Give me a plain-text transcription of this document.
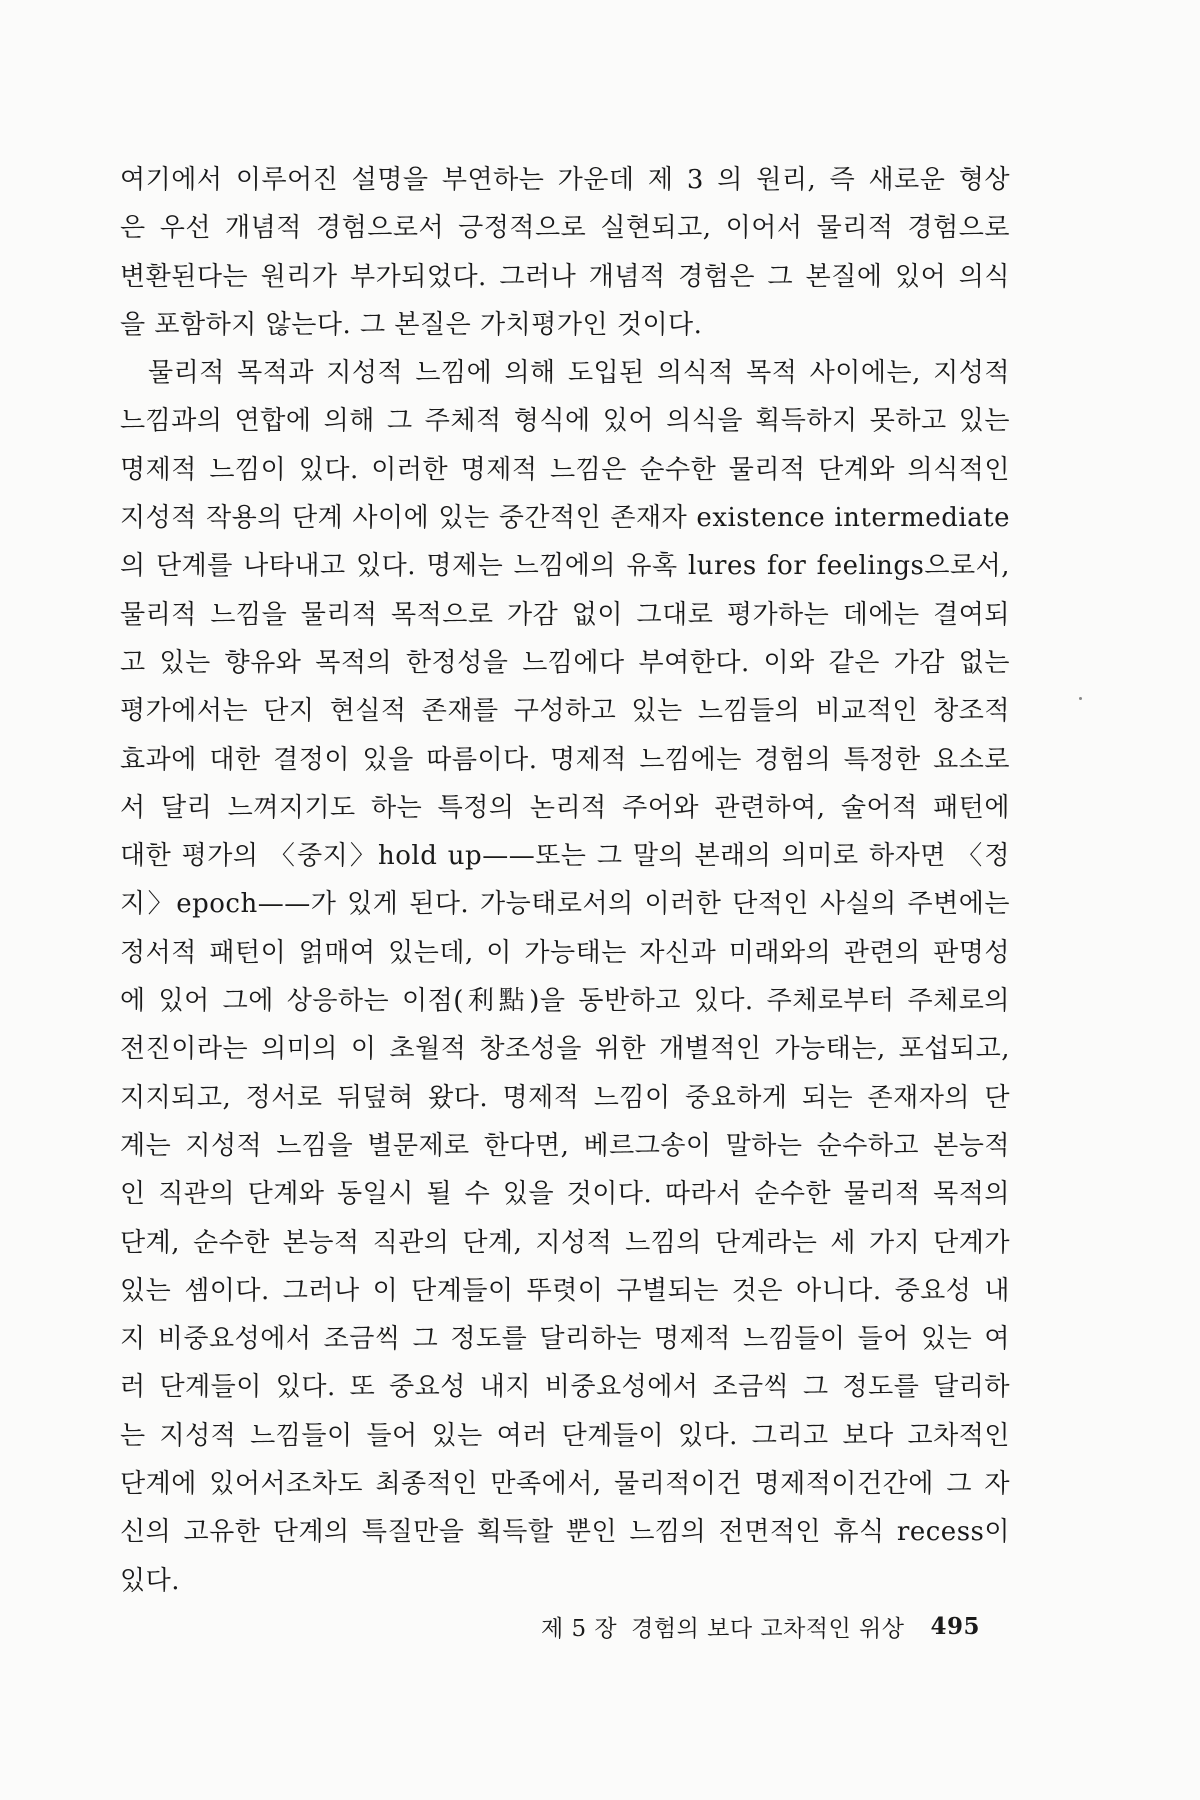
여기에서 이루어진 설명을 부연하는 가운데 제 3 의 원리, 즉 새로운 형상
은 우선 개념적 경험으로서 긍정적으로 실현되고, 이어서 물리적 경험으로
변환된다는 원리가 부가되었다. 그러나 개념적 경험은 그 본질에 있어 의식
을 포함하지 않는다. 그 본질은 가치평가인 것이다.
물리적 목적과 지성적 느낌에 의해 도입된 의식적 목적 사이에는, 지성적
느낌과의 연합에 의해 그 주체적 형식에 있어 의식을 획득하지 못하고 있는
명제적 느낌이 있다. 이러한 명제적 느낌은 순수한 물리적 단계와 의식적인
지성적 작용의 단계 사이에 있는 중간적인 존재자 existence intermediate
의 단계를 나타내고 있다. 명제는 느낌에의 유혹 lures for feelings으로서,
물리적 느낌을 물리적 목적으로 가감 없이 그대로 평가하는 데에는 결여되
고 있는 향유와 목적의 한정성을 느낌에다 부여한다. 이와 같은 가감 없는
평가에서는 단지 현실적 존재를 구성하고 있는 느낌들의 비교적인 창조적
효과에 대한 결정이 있을 따름이다. 명제적 느낌에는 경험의 특정한 요소로
서 달리 느껴지기도 하는 특정의 논리적 주어와 관련하여, 술어적 패턴에
대한 평가의 〈중지〉hold up——또는 그 말의 본래의 의미로 하자면 〈정
지〉epoch——가 있게 된다. 가능태로서의 이러한 단적인 사실의 주변에는
정서적 패턴이 얽매여 있는데, 이 가능태는 자신과 미래와의 관련의 판명성
에 있어 그에 상응하는 이점(利點)을 동반하고 있다. 주체로부터 주체로의
전진이라는 의미의 이 초월적 창조성을 위한 개별적인 가능태는, 포섭되고,
지지되고, 정서로 뒤덮혀 왔다. 명제적 느낌이 중요하게 되는 존재자의 단
계는 지성적 느낌을 별문제로 한다면, 베르그송이 말하는 순수하고 본능적
인 직관의 단계와 동일시 될 수 있을 것이다. 따라서 순수한 물리적 목적의
단계, 순수한 본능적 직관의 단계, 지성적 느낌의 단계라는 세 가지 단계가
있는 셈이다. 그러나 이 단계들이 뚜렷이 구별되는 것은 아니다. 중요성 내
지 비중요성에서 조금씩 그 정도를 달리하는 명제적 느낌들이 들어 있는 여
러 단계들이 있다. 또 중요성 내지 비중요성에서 조금씩 그 정도를 달리하
는 지성적 느낌들이 들어 있는 여러 단계들이 있다. 그리고 보다 고차적인
단계에 있어서조차도 최종적인 만족에서, 물리적이건 명제적이건간에 그 자
신의 고유한 단계의 특질만을 획득할 뿐인 느낌의 전면적인 휴식 recess이
있다.
제 5 장 경험의 보다 고차적인 위상 495
